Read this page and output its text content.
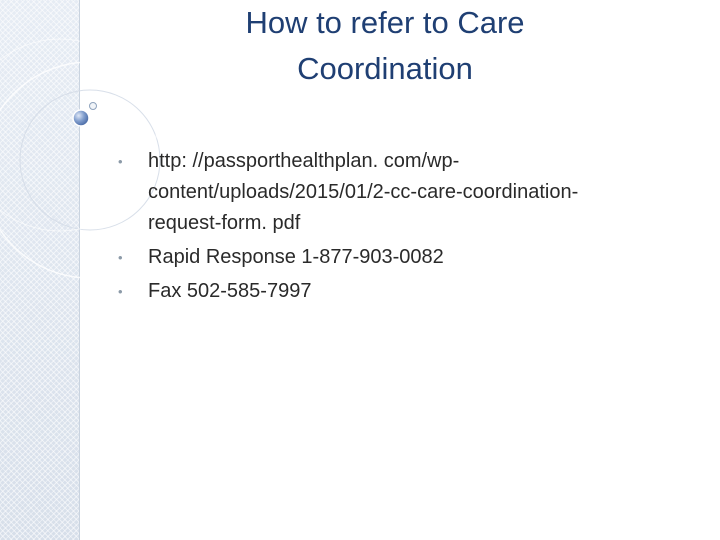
How to refer to Care
Coordination
• http: //passporthealthplan. com/wp-
content/uploads/2015/01/2-cc-care-coordination-
request-form. pdf
• Rapid Response 1-877-903-0082
• Fax 502-585-7997
